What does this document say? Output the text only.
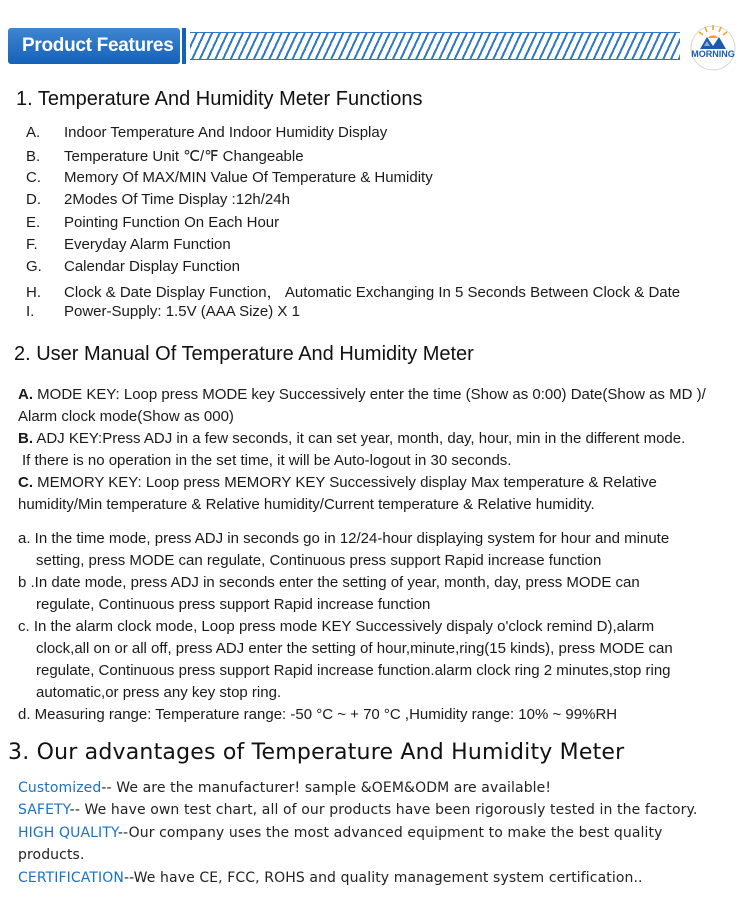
Product Features	MORNING
1. Temperature And Humidity Meter Functions
A. Indoor Temperature And Indoor Humidity Display
B. Temperature Unit ℃/℉ Changeable
C. Memory Of MAX/MIN Value Of Temperature & Humidity
D. 2Modes Of Time Display :12h/24h
E. Pointing Function On Each Hour
F. Everyday Alarm Function
G. Calendar Display Function
H. Clock & Date Display Function， Automatic Exchanging In 5 Seconds Between Clock & Date
I. Power-Supply: 1.5V (AAA Size) X 1
2. User Manual Of Temperature And Humidity Meter
A. MODE KEY: Loop press MODE key Successively enter the time (Show as 0:00) Date(Show as MD )/
Alarm clock mode(Show as 000)
B. ADJ KEY:Press ADJ in a few seconds, it can set year, month, day, hour, min in the different mode.
If there is no operation in the set time, it will be Auto-logout in 30 seconds.
C. MEMORY KEY: Loop press MEMORY KEY Successively display Max temperature & Relative
humidity/Min temperature & Relative humidity/Current temperature & Relative humidity.
a. In the time mode, press ADJ in seconds go in 12/24-hour displaying system for hour and minute
setting, press MODE can regulate, Continuous press support Rapid increase function
b .In date mode, press ADJ in seconds enter the setting of year, month, day, press MODE can
regulate, Continuous press support Rapid increase function
c. In the alarm clock mode, Loop press mode KEY Successively dispaly o'clock remind D),alarm
clock,all on or all off, press ADJ enter the setting of hour,minute,ring(15 kinds), press MODE can
regulate, Continuous press support Rapid increase function.alarm clock ring 2 minutes,stop ring
automatic,or press any key stop ring.
d. Measuring range: Temperature range: -50 °C ~ + 70 °C ,Humidity range: 10% ~ 99%RH
3. Our advantages of Temperature And Humidity Meter
Customized-- We are the manufacturer! sample &OEM&ODM are available!
SAFETY-- We have own test chart, all of our products have been rigorously tested in the factory.
HIGH QUALITY--Our company uses the most advanced equipment to make the best quality
products.
CERTIFICATION--We have CE, FCC, ROHS and quality management system certification..
